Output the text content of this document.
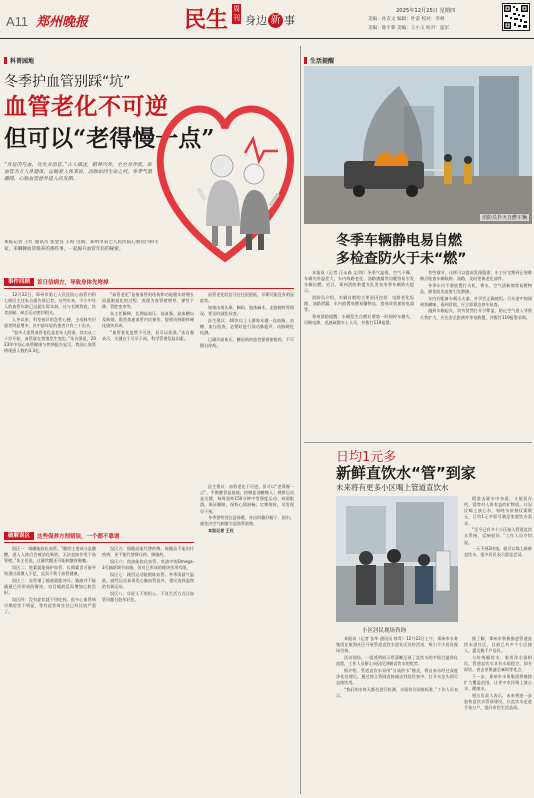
A11 郑州晚报	民生 周刊 身边 新 事
2025年12月25日 星期四
美编：孙友文 编辑：叶雷 校对：李林
美编：陈宇新 美编：王小玉 校对：寇军
科普园地
冬季护血管别踩“坑”
血管老化不可逆
但可以“老得慢一点”
“身是肉与血，处处含消息。”古人描述，精神内外，全全身奔波，即血管为万人体健康，运输着人体来说，动脉如同生命之河。冬季气温骤降，心脑血管意外进入高发期。
本报记者 王红 通讯员 张金良 王昀 这期，郑州市第七人民医院心血管内科专家，来聊聊血管保养的那些事，一起揭开血管年轻的秘密。
事件回顾	首日信病方，导致身体先垮掉

12月22日，郑州市第七人民医院心血管内科七病区主任朱自强告诉记者，这些年来，不少中年人的血管年龄已远超实际年龄，这与长期熬夜、饮食油腻、缺乏运动密切相关。

入冬以来，科室接诊的急性心梗、主动脉夹层患者明显增多，其中最年轻的患者只有三十出头。

“很多人觉得血管老化是老年人的事，其实从三十岁开始，血管就在悄悄发生变化。”朱自强说，2023年中国心血管健康与疾病报告显示，我国心血管病现患人数约3.3亿。

“血管老化”是指血管的结构和功能随年龄增长而逐渐退化的过程，表现为血管壁增厚、弹性下降、管腔变窄等。

朱主任解释，长期高血压、高血脂、高血糖以及吸烟，都会加速血管内皮损伤，促使动脉粥样硬化斑块形成。

“血管老化虽然不可逆，但可以延缓。”朱自强表示，关键在于尽早干预，科学管理危险因素。

破解误区	这些保养方剂错误，一个都不靠谱

误区一：喝醋能软化血管。“醋的主要成分是醋酸，进入人体后会被消化吸收，无法直接作用于血管壁。”朱主任说，过量饮醋还可能刺激胃黏膜。

误区二：吃素就能保护血管。长期素食可能导致蛋白质摄入不足，反而不利于血管健康。

误区三：血管堵了输液就能冲开。输液并不能疏通已经形成的斑块，盲目输液反而增加心脏负担。

误区四：没有症状就不用吃药。很多心血管病早期症状不明显，等有症状时往往已经比较严重了。

误区五：保健品能代替药物。保健品不能治疗疾病，更不能代替降压药、降脂药。

误区六：鱼油能软化血管。鱼油中的Omega-3可辅助调节血脂，但对已形成的斑块作用有限。

误区七：剧烈运动能锻炼血管。冬季清晨气温低，剧烈运动易诱发心脑血管意外，建议选择温和的有氧运动。

误区八：年轻人不用担心。不良生活方式让血管问题日趋年轻化。

血管老化的信号往往很隐匿，早期可能没有明显症状。

如果出现头晕、胸闷、肢体麻木、走路腿疼等情况，要及时就医检查。

医生建议：40岁以上人群每年做一次血脂、血糖、血压检查，必要时进行颈动脉超声、动脉硬化检测。

已确诊高血压、糖尿病的患者要规律服药，不可擅自停药。

医生建议：血管老化不可逆，但可以“老得慢一点”。平衡膳食是基础，控制盐油糖摄入；规律运动是关键，每周坚持150分钟中等强度运动；戒烟限酒，保证睡眠，保持心情舒畅；定期体检，早发现早干预。

冬季要特别注意保暖，外出时戴好帽子、围巾，避免冷空气刺激引起血管收缩。

本报记者 王红

生活提醒
消防员扑灭自燃车辆
冬季车辆静电易自燃
多检查防火于未“燃”

本报讯（记者 汪永森 文/图）冬季气温低、空气干燥，车辆内外温差大，车内线路老化、油路渗漏等问题容易引发车辆自燃。近日，郑州消防救援支队发布冬季车辆防火提示。

消防员介绍，车辆自燃的主要原因包括：电路老化短路、油路泄漏、车内放置易燃易爆物品、违规改装加装电器等。

郑州消防提醒：车辆发生自燃后要第一时间停车熄火、切断电源，迅速疏散车上人员，并拨打119报警。

有些细节，这样可以提前发现隐患：车主应定期到正规维修点检查车辆线路、油路，及时更换老化部件。

冬季车内不要放置打火机、香水、空气清新剂等易燃物品，避免阳光直射引发燃烧。

车内应配备车载灭火器，并学会正确使用。行车途中如闻到焦糊味、看到冒烟，应立即靠边停车检查。

遇到车辆起火，切勿贸然打开引擎盖，防止空气进入导致火势扩大，应在安全距离外等待救援，并拨打119报警求助。

日均1元多
新鲜直饮水“管”到家
未来将有更多小区喝上管道直饮水
小区居民现场咨询

精准去除水中杂质，又能留存钙、镁等对人体有益的矿物质，让居民喝上放心水，每吨水价格仅需数元，日均1元多即可满足家庭饮水需求。

“至今已有多个小区接入管道直饮水系统，反响很好。”工作人员介绍说。

一天不到2块钱，就可以喝上新鲜直饮水，很多居民表示愿意尝试。

本报讯（记者 张华 通讯员 徐青）12月22日上午，郑州市水务集团在航海社区开展管道直饮水进社区宣传活动，吸引不少居民现场咨询。

活动现场，一组透明展示管清晰呈现了直饮水的多级过滤净化流程，工作人员耐心向居民讲解直饮水的优势。

据介绍，管道直饮水采用“分质供水”模式，将自来水经过深度净化处理后，通过独立管网直接输送到居民家中，打开水龙头即可直接饮用。

“我们的水每天都会进行检测，水质符合国家标准。”工作人员表示。

据了解，郑州市积极推进管道直饮水进社区，目前已有多个小区接入，惠及数千户居民。

与传统桶装水、家用净水器相比，管道直饮水具有水质稳定、即开即饮、省去更换滤芯麻烦等优点。

下一步，郑州市水务集团将继续扩大覆盖范围，让更多市民喝上放心水、健康水。

相关负责人表示，未来将进一步加快直饮水管网建设，让直饮水走进千家万户，提升市民生活品质。
